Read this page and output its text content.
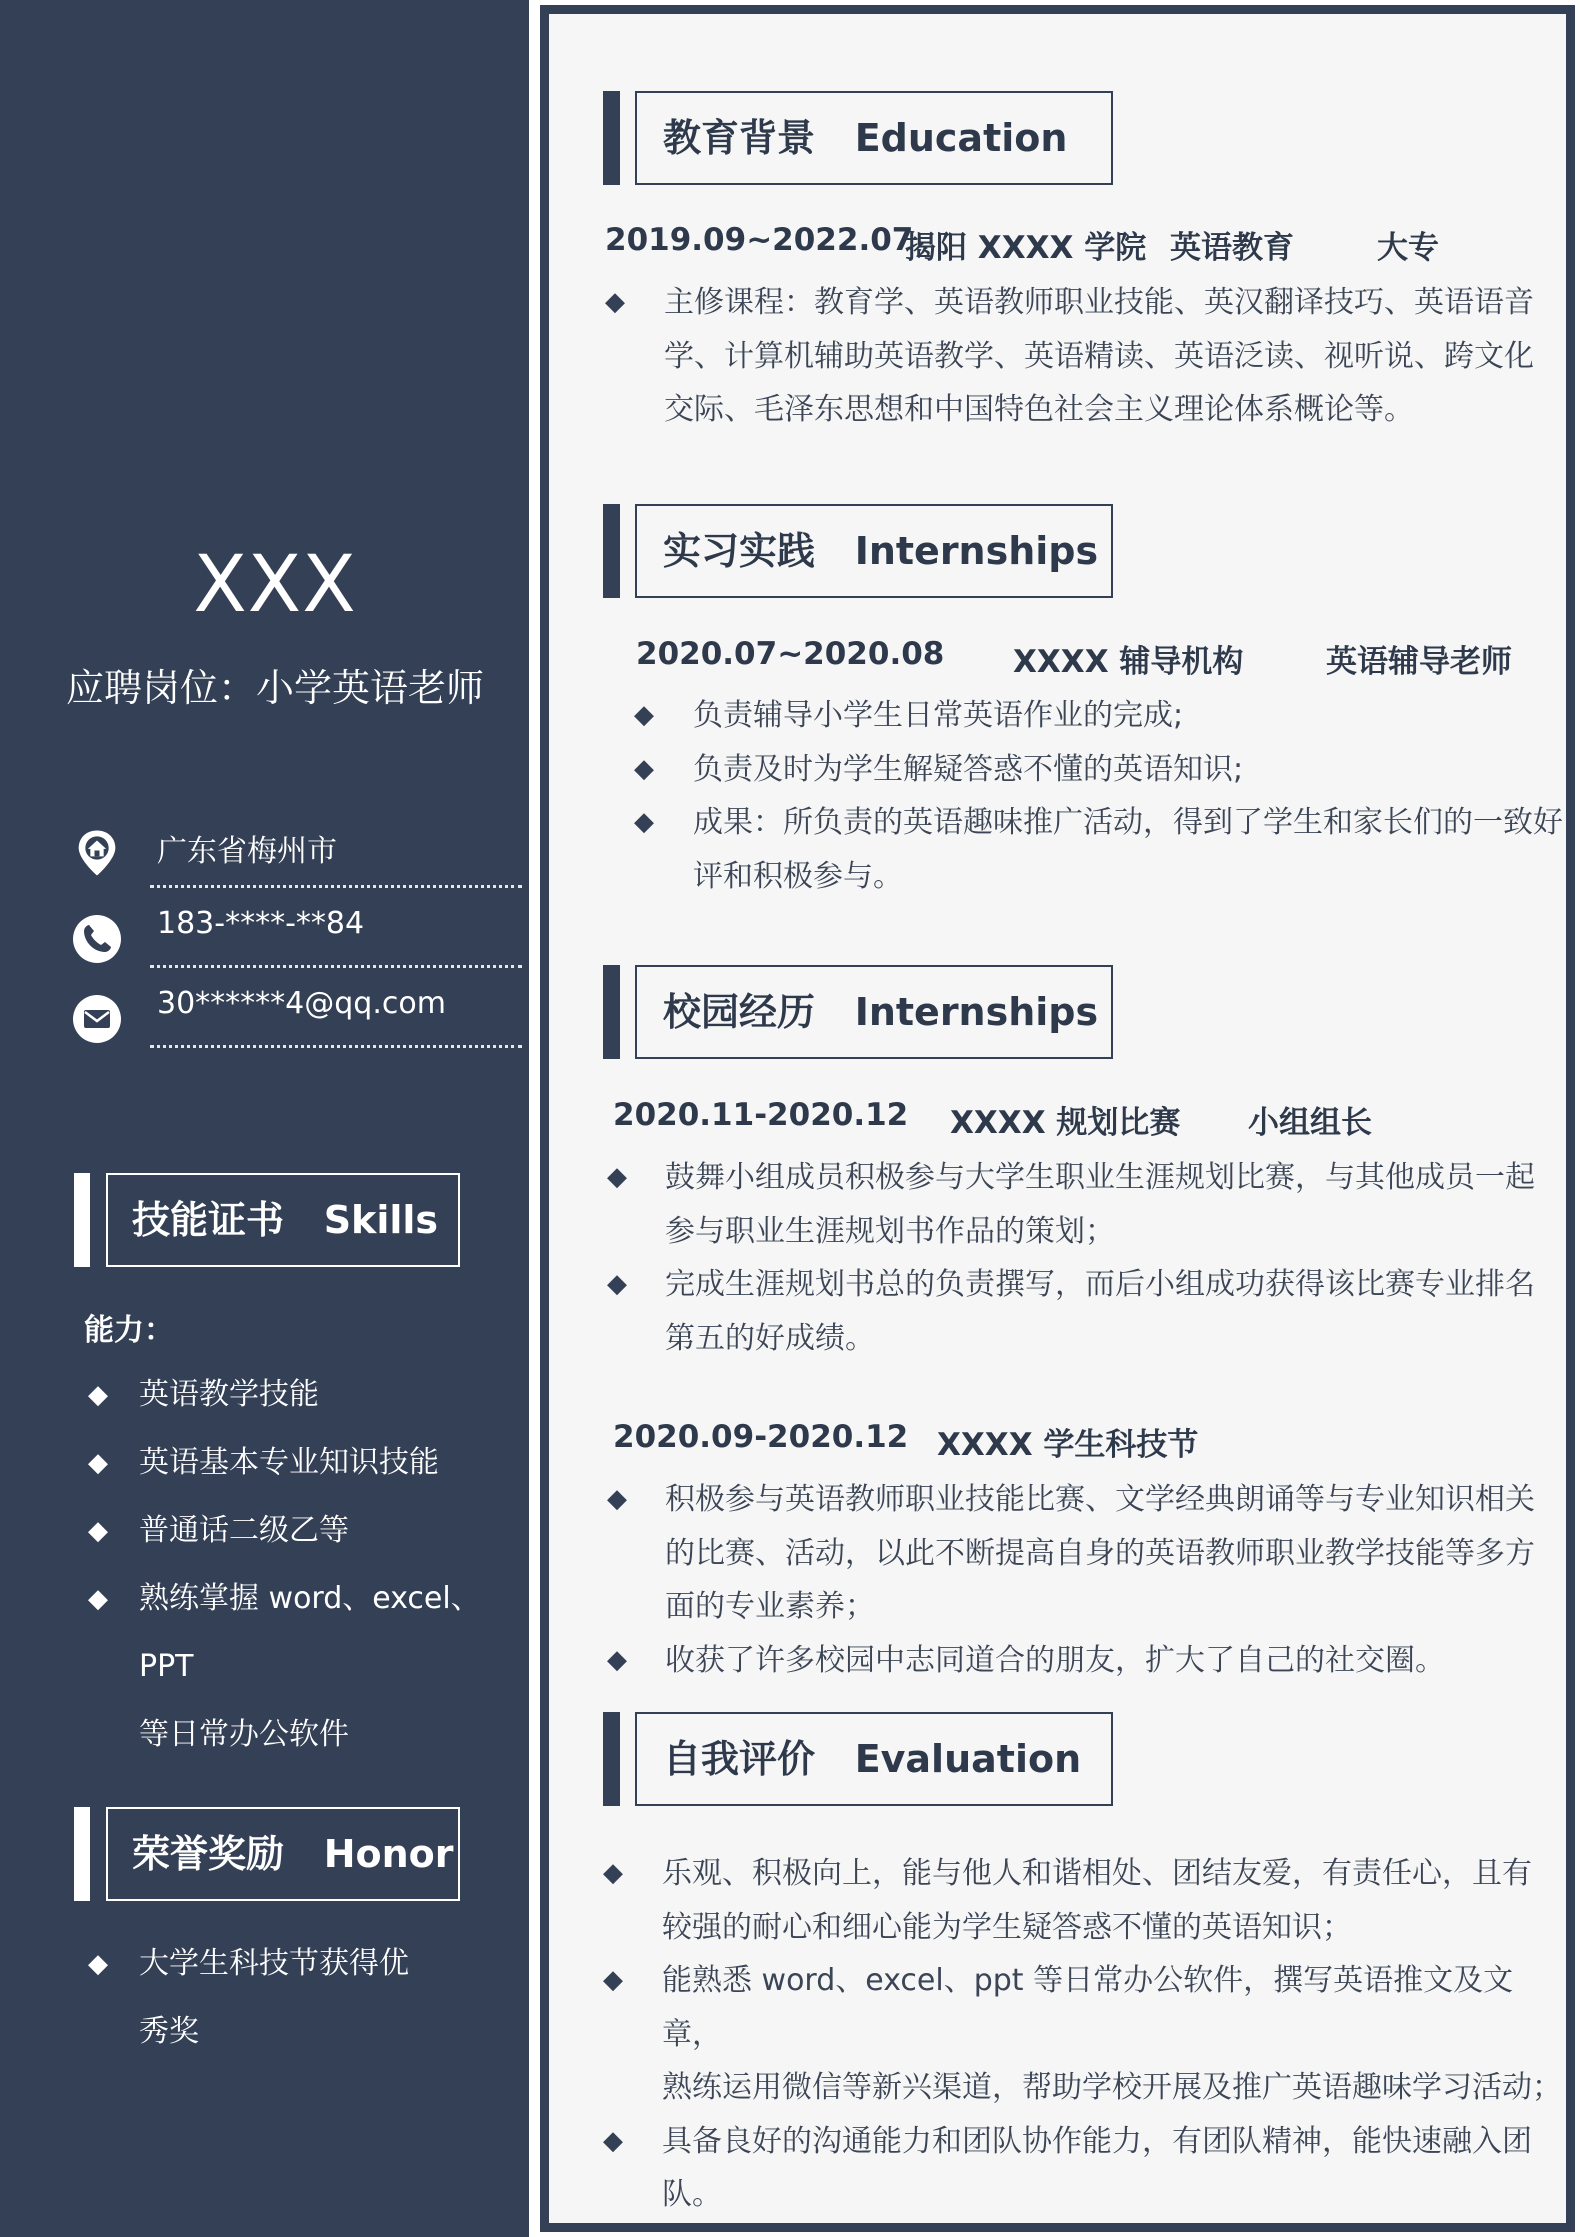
XXX
应聘岗位：小学英语老师
广东省梅州市
183-****-**84
30******4@qq.com
技能证书   Skills
能力：
◆ 英语教学技能
◆ 英语基本专业知识技能
◆ 普通话二级乙等
◆ 熟练掌握 word、excel、PPT
等日常办公软件
荣誉奖励   Honor
◆ 大学生科技节获得优
秀奖
教育背景   Education
2019.09~2022.07
揭阳 XXXX 学院 英语教育	大专
◆ 主修课程：教育学、英语教师职业技能、英汉翻译技巧、英语语音
学、计算机辅助英语教学、英语精读、英语泛读、视听说、跨文化
交际、毛泽东思想和中国特色社会主义理论体系概论等。
实习实践   Internships
2020.07~2020.08 XXXX 辅导机构	英语辅导老师
◆ 负责辅导小学生日常英语作业的完成;
◆ 负责及时为学生解疑答惑不懂的英语知识;
◆ 成果：所负责的英语趣味推广活动，得到了学生和家长们的一致好
评和积极参与。
校园经历   Internships
2020.11-2020.12 XXXX 规划比赛 小组组长
◆ 鼓舞小组成员积极参与大学生职业生涯规划比赛，与其他成员一起
参与职业生涯规划书作品的策划；
◆ 完成生涯规划书总的负责撰写，而后小组成功获得该比赛专业排名
第五的好成绩。
2020.09-2020.12 XXXX 学生科技节
◆ 积极参与英语教师职业技能比赛、文学经典朗诵等与专业知识相关
的比赛、活动，以此不断提高自身的英语教师职业教学技能等多方
面的专业素养；
◆ 收获了许多校园中志同道合的朋友，扩大了自己的社交圈。
自我评价   Evaluation
◆ 乐观、积极向上，能与他人和谐相处、团结友爱，有责任心，且有
较强的耐心和细心能为学生疑答惑不懂的英语知识；
◆ 能熟悉 word、excel、ppt 等日常办公软件，撰写英语推文及文章，
熟练运用微信等新兴渠道，帮助学校开展及推广英语趣味学习活动；
◆ 具备良好的沟通能力和团队协作能力，有团队精神，能快速融入团
队。
